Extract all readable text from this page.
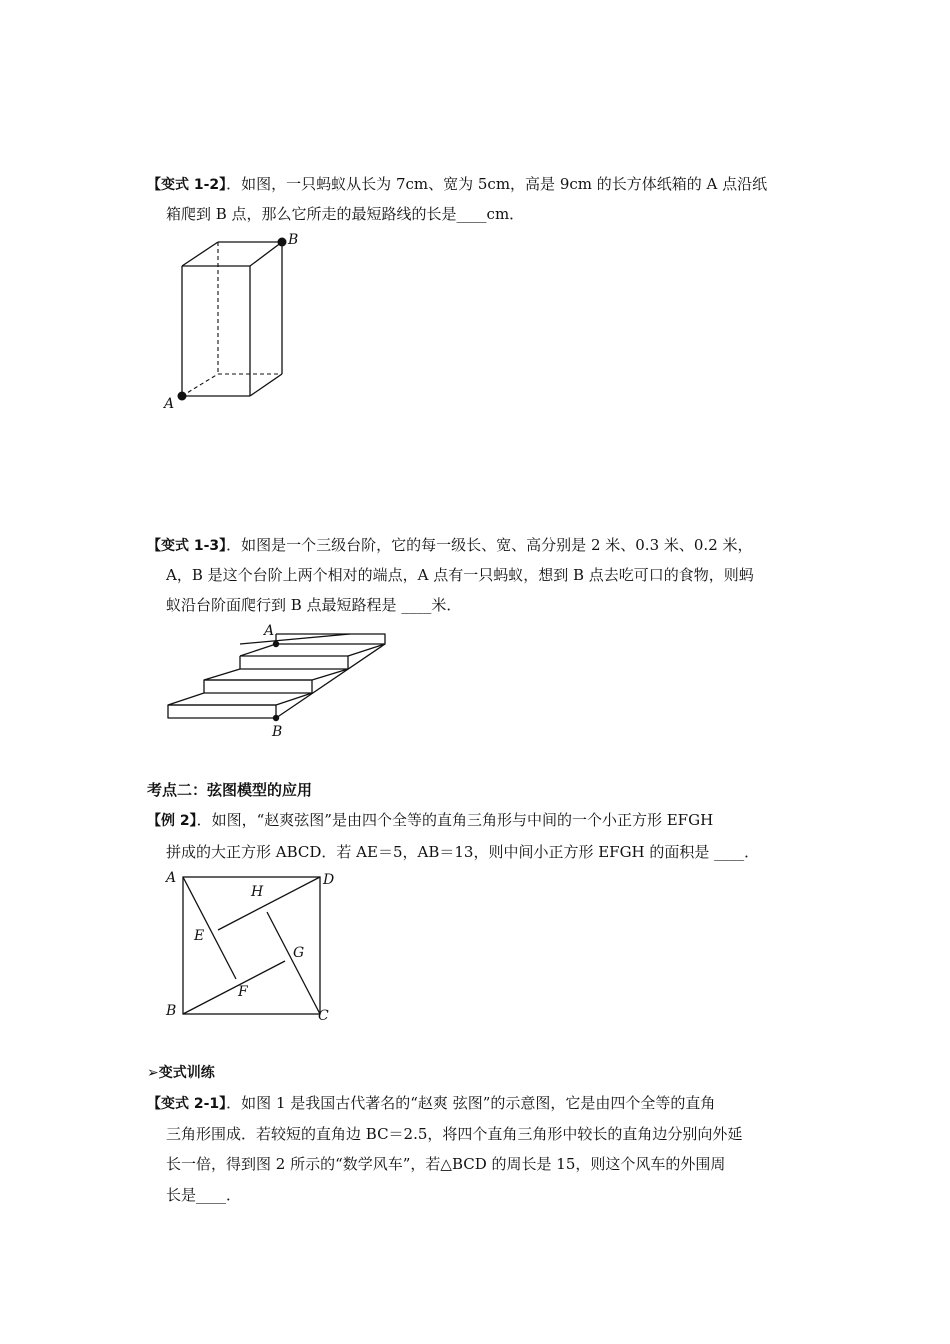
【变式 1-2】．如图，一只蚂蚁从长为 7cm、宽为 5cm，高是 9cm 的长方体纸箱的 A 点沿纸
箱爬到 B 点，那么它所走的最短路线的长是____cm．
A
B
【变式 1-3】．如图是一个三级台阶，它的每一级长、宽、高分别是 2 米、0.3 米、0.2 米，
A，B 是这个台阶上两个相对的端点，A 点有一只蚂蚁，想到 B 点去吃可口的食物，则蚂
蚁沿台阶面爬行到 B 点最短路程是 ____米．
A
B
考点二：弦图模型的应用
【例 2】．如图，“赵爽弦图”是由四个全等的直角三角形与中间的一个小正方形 EFGH
拼成的大正方形 ABCD．若 AE＝5，AB＝13，则中间小正方形 EFGH 的面积是 ____．
A	D
B	C
E
F
G
H
➢变式训练
【变式 2-1】．如图 1 是我国古代著名的“赵爽 弦图”的示意图，它是由四个全等的直角
三角形围成．若较短的直角边 BC＝2.5，将四个直角三角形中较长的直角边分别向外延
长一倍，得到图 2 所示的“数学风车”，若△BCD 的周长是 15，则这个风车的外围周
长是____．
